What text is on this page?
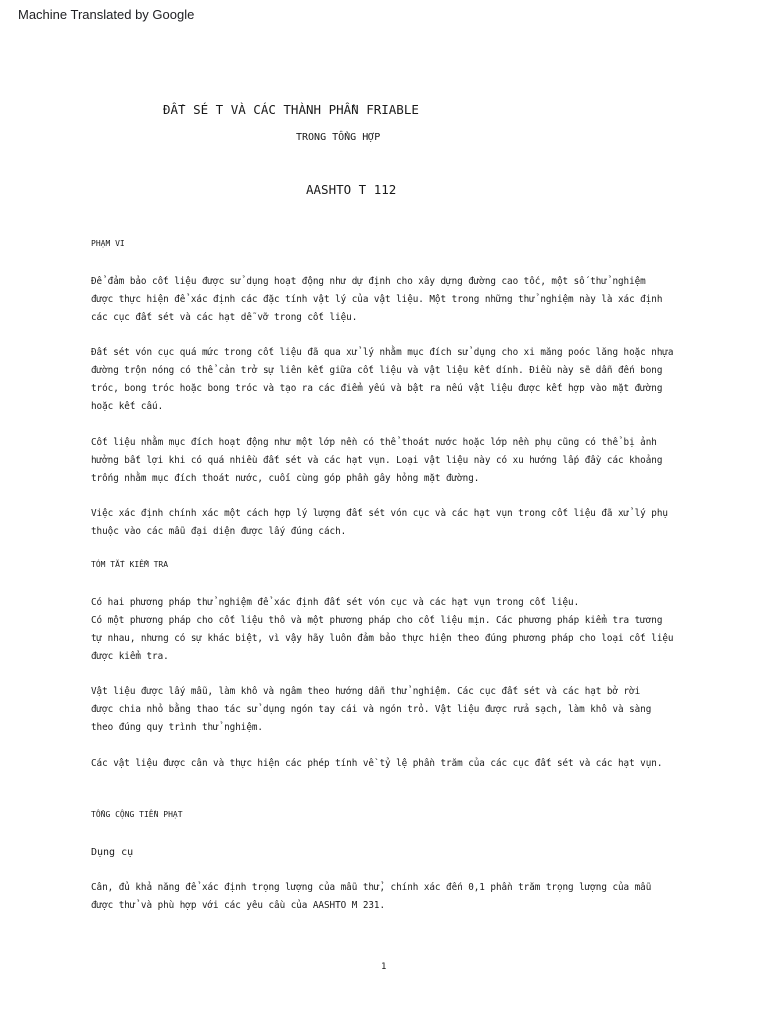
Machine Translated by Google
ĐẤT SÉ T VÀ CÁC THÀNH PHẦN FRIABLE
TRONG TỔNG HỢP
AASHTO T 112
PHẠM VI
Để đảm bảo cốt liệu được sử dụng hoạt động như dự định cho xây dựng đường cao tốc, một số thử nghiệm
được thực hiện để xác định các đặc tính vật lý của vật liệu. Một trong những thử nghiệm này là xác định
các cục đất sét và các hạt dễ vỡ trong cốt liệu.
Đất sét vón cục quá mức trong cốt liệu đã qua xử lý nhằm mục đích sử dụng cho xi măng poóc lăng hoặc nhựa
đường trộn nóng có thể cản trở sự liên kết giữa cốt liệu và vật liệu kết dính. Điều này sẽ dẫn đến bong
tróc, bong tróc hoặc bong tróc và tạo ra các điểm yếu và bật ra nếu vật liệu được kết hợp vào mặt đường
hoặc kết cấu.
Cốt liệu nhằm mục đích hoạt động như một lớp nền có thể thoát nước hoặc lớp nền phụ cũng có thể bị ảnh
hưởng bất lợi khi có quá nhiều đất sét và các hạt vụn. Loại vật liệu này có xu hướng lấp đầy các khoảng
trống nhằm mục đích thoát nước, cuối cùng góp phần gây hỏng mặt đường.
Việc xác định chính xác một cách hợp lý lượng đất sét vón cục và các hạt vụn trong cốt liệu đã xử lý phụ
thuộc vào các mẫu đại diện được lấy đúng cách.
TÓM TẮT KIỂM TRA
Có hai phương pháp thử nghiệm để xác định đất sét vón cục và các hạt vụn trong cốt liệu.
Có một phương pháp cho cốt liệu thô và một phương pháp cho cốt liệu mịn. Các phương pháp kiểm tra tương
tự nhau, nhưng có sự khác biệt, vì vậy hãy luôn đảm bảo thực hiện theo đúng phương pháp cho loại cốt liệu
được kiểm tra.
Vật liệu được lấy mẫu, làm khô và ngâm theo hướng dẫn thử nghiệm. Các cục đất sét và các hạt bở rời
được chia nhỏ bằng thao tác sử dụng ngón tay cái và ngón trỏ. Vật liệu được rửa sạch, làm khô và sàng
theo đúng quy trình thử nghiệm.
Các vật liệu được cân và thực hiện các phép tính về tỷ lệ phần trăm của các cục đất sét và các hạt vụn.
TỔNG CỘNG TIỀN PHẠT
Dụng cụ
Cân, đủ khả năng để xác định trọng lượng của mẫu thử, chính xác đến 0,1 phần trăm trọng lượng của mẫu
được thử và phù hợp với các yêu cầu của AASHTO M 231.
1
